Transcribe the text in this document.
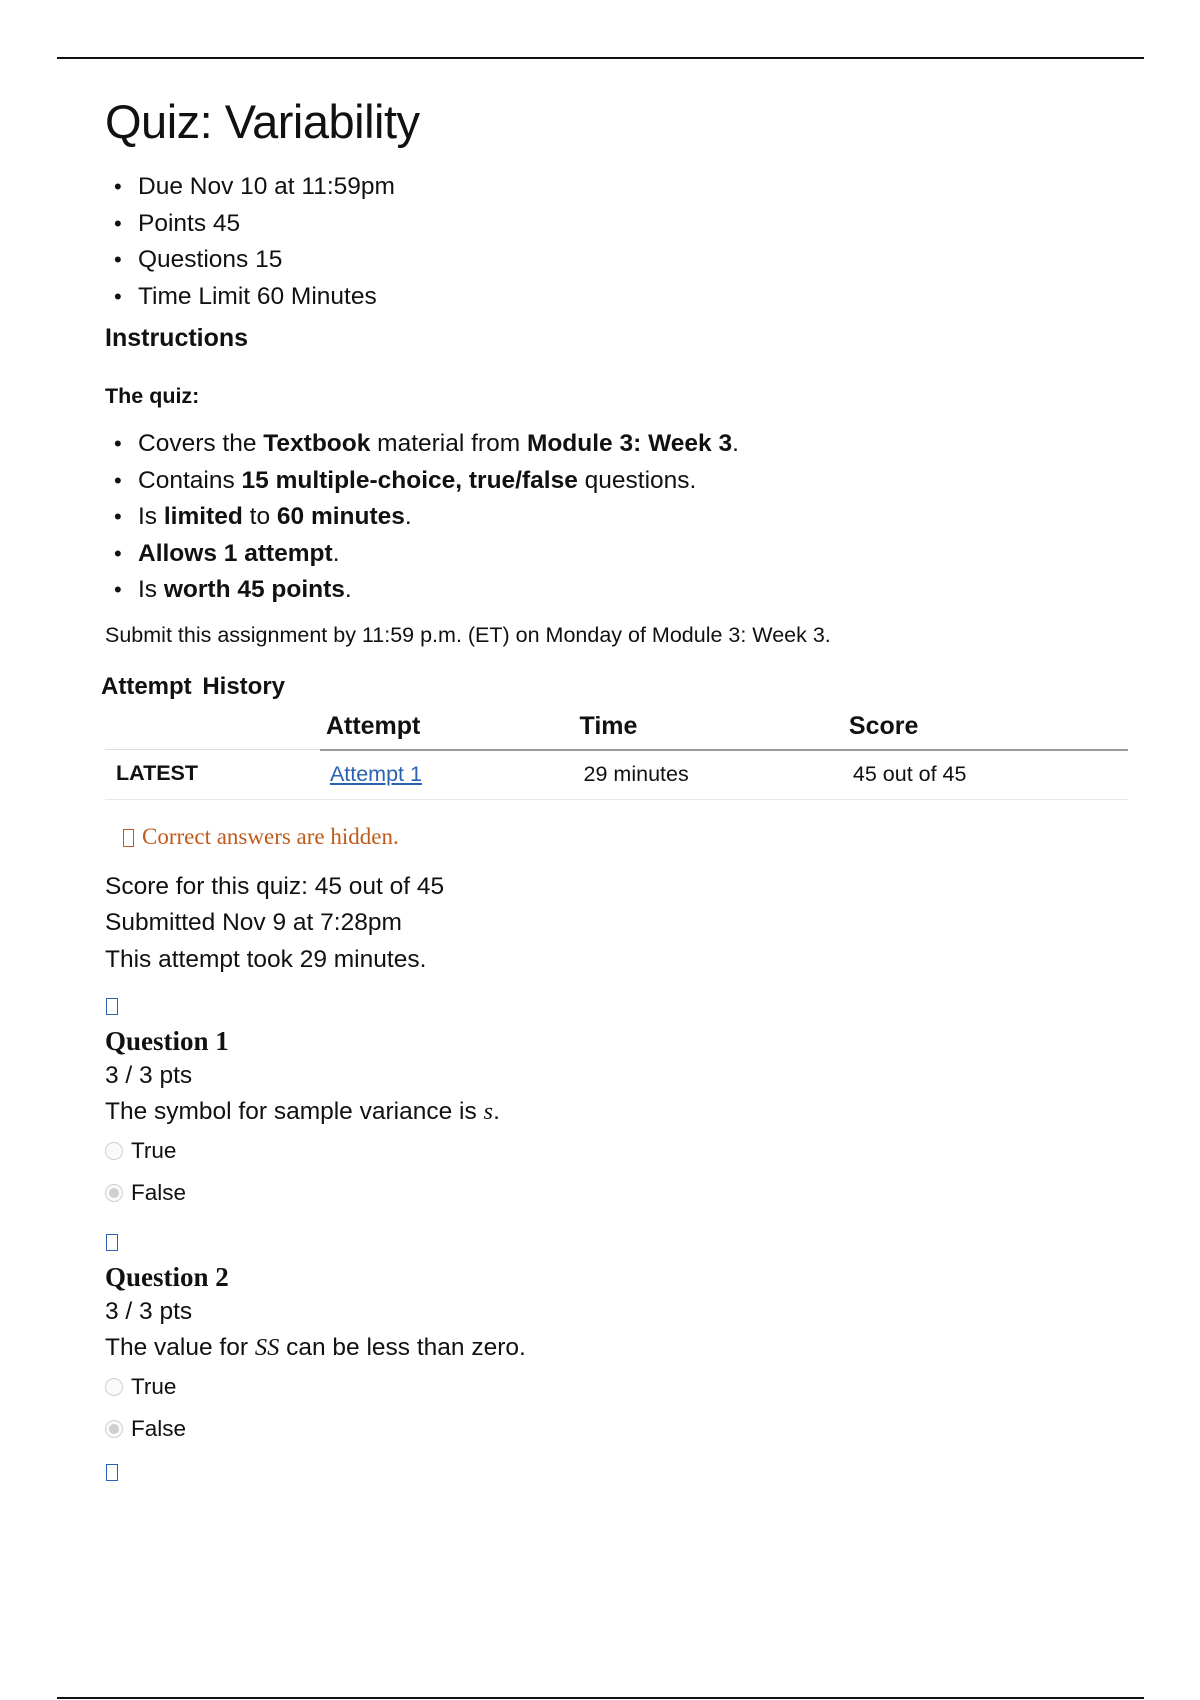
Quiz: Variability
• Due Nov 10 at 11:59pm
• Points 45
• Questions 15
• Time Limit 60 Minutes
Instructions
The quiz:
• Covers the Textbook material from Module 3: Week 3.
• Contains 15 multiple-choice, true/false questions.
• Is limited to 60 minutes.
• Allows 1 attempt.
• Is worth 45 points.
Submit this assignment by 11:59 p.m. (ET) on Monday of Module 3: Week 3.
Attempt History
	Attempt	Time	Score
LATEST	Attempt 1	29 minutes	45 out of 45
Correct answers are hidden.
Score for this quiz: 45 out of 45
Submitted Nov 9 at 7:28pm
This attempt took 29 minutes.
Question 1
3 / 3 pts
The symbol for sample variance is s.
True
False
Question 2
3 / 3 pts
The value for SS can be less than zero.
True
False
